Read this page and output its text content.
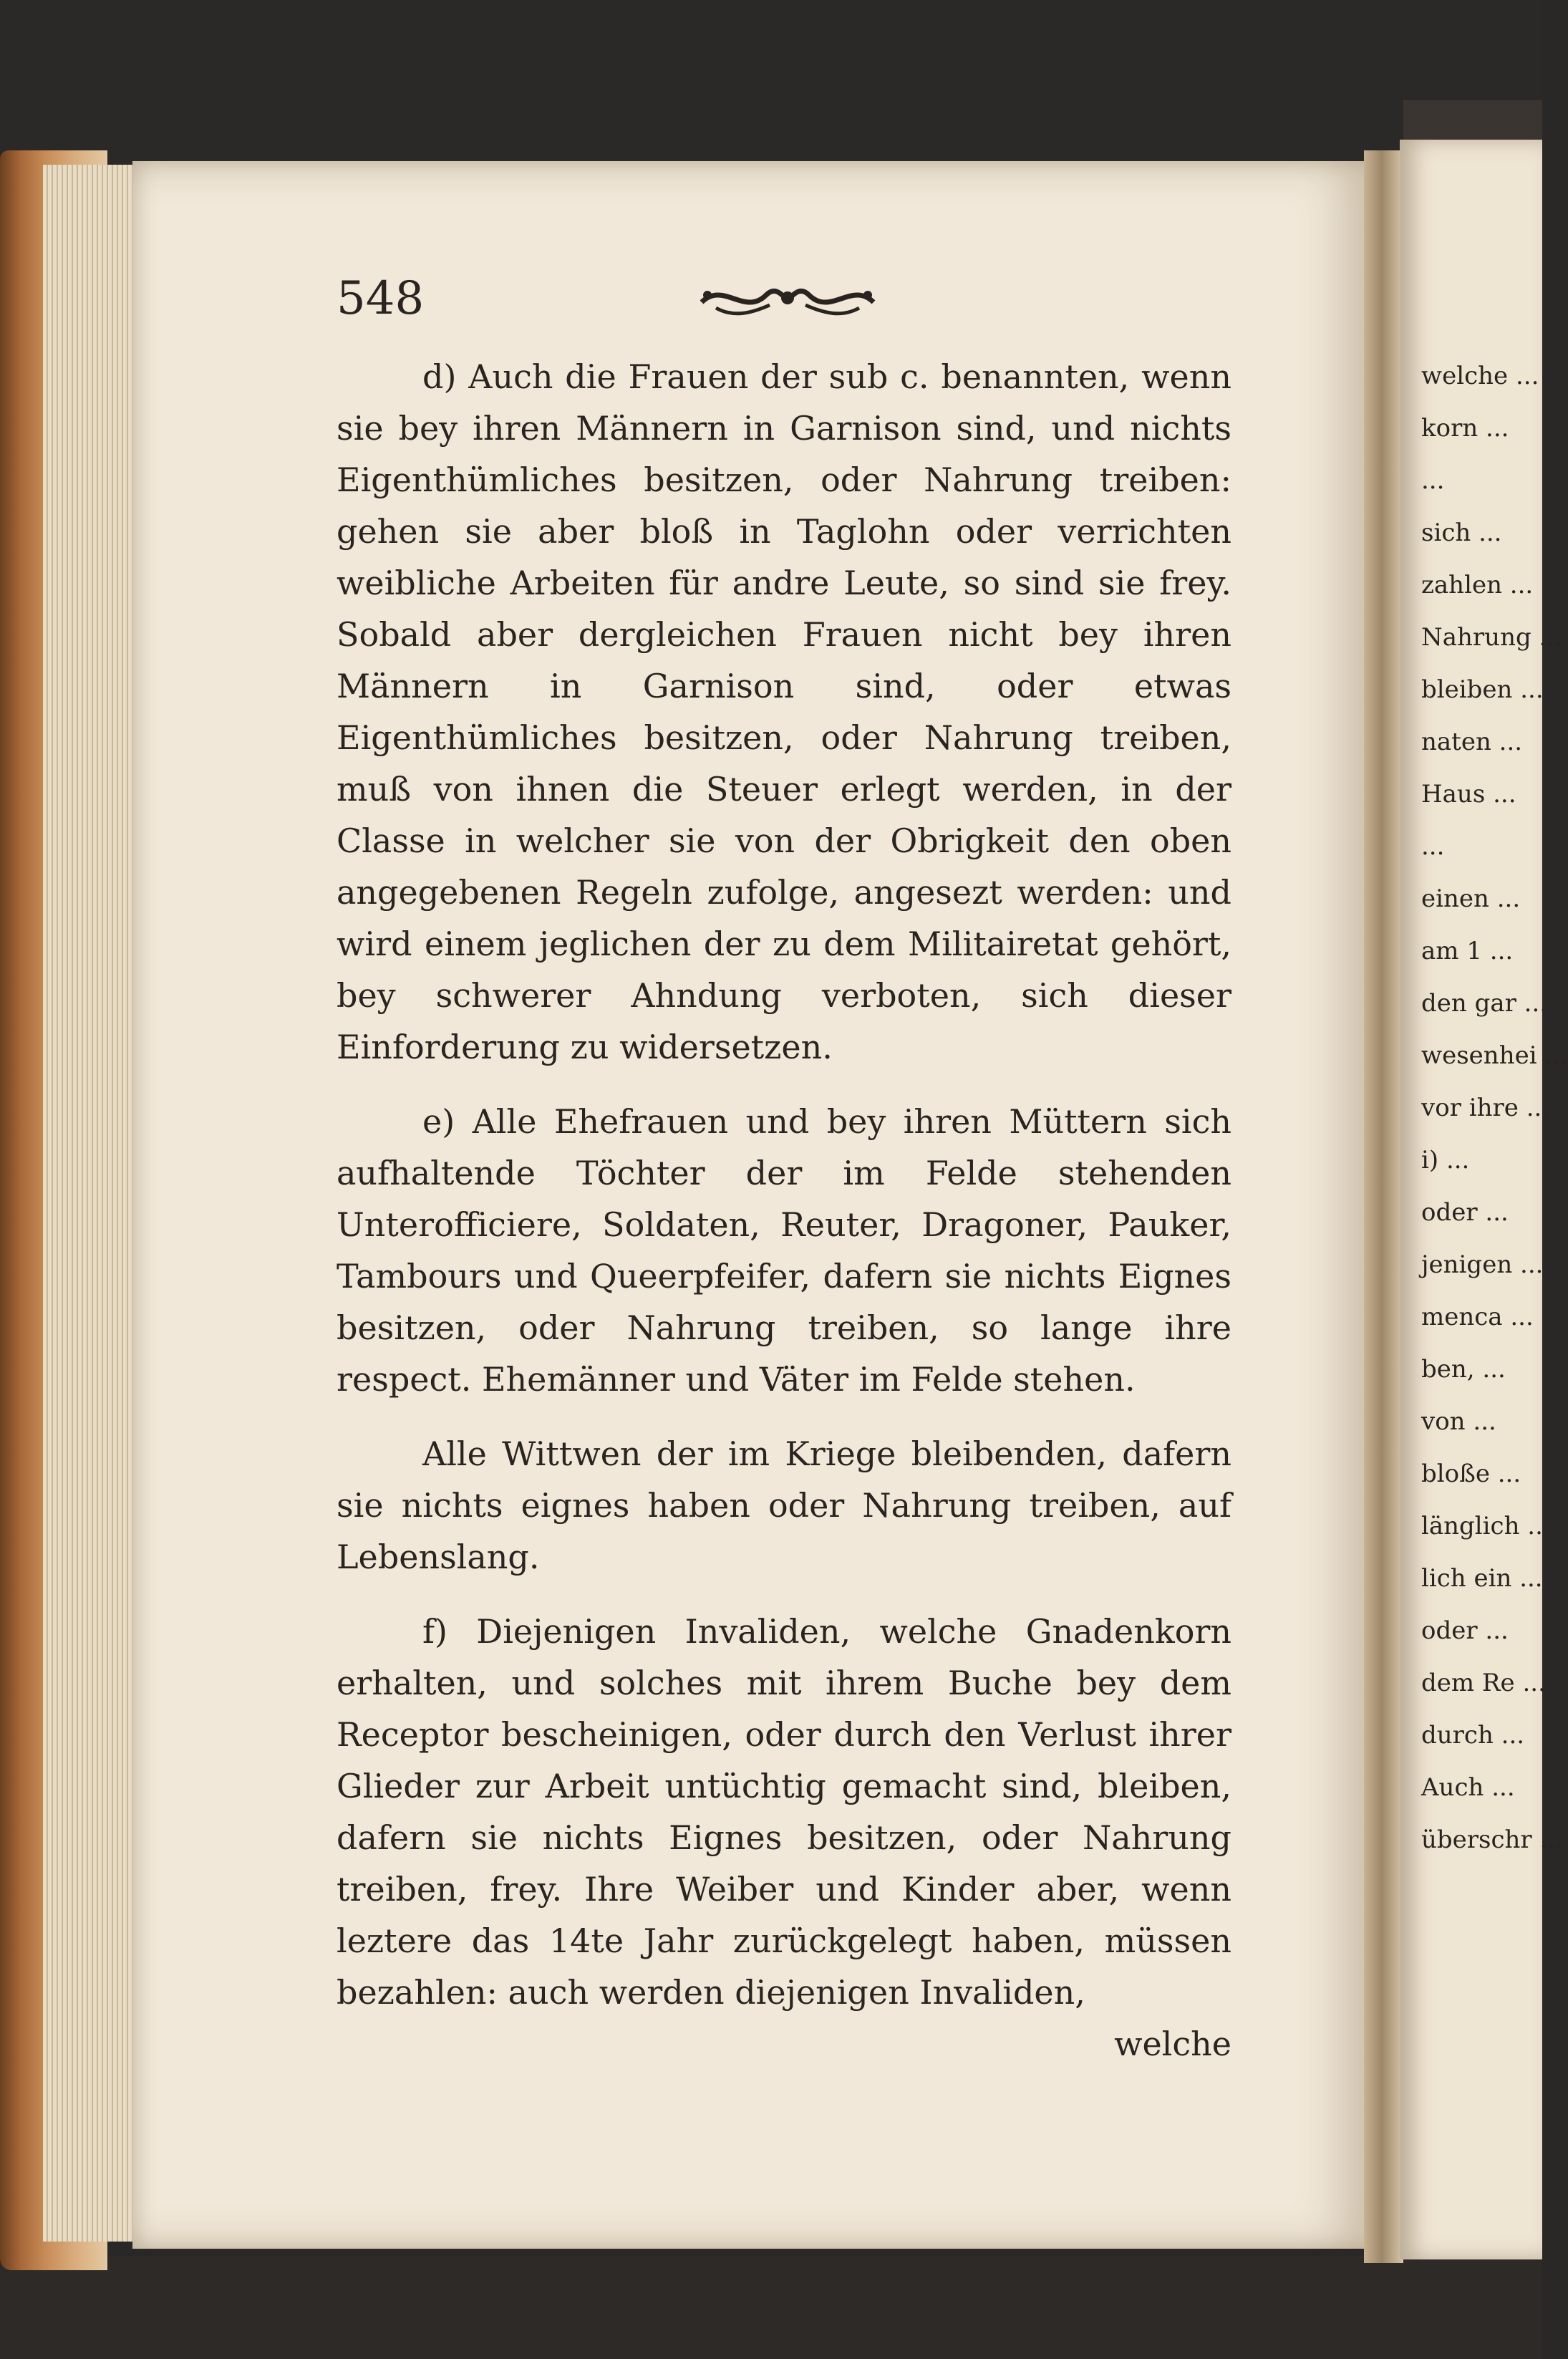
548

d) Auch die Frauen der sub c. benannten, wenn sie bey ihren Männern in Garnison sind, und nichts Eigenthümliches besitzen, oder Nahrung treiben: gehen sie aber bloß in Taglohn oder verrichten weibliche Arbeiten für andre Leute, so sind sie frey. Sobald aber dergleichen Frauen nicht bey ihren Männern in Garnison sind, oder etwas Eigenthümliches besitzen, oder Nahrung treiben, muß von ihnen die Steuer erlegt werden, in der Classe in welcher sie von der Obrigkeit den oben angegebenen Regeln zufolge, angesezt werden: und wird einem jeglichen der zu dem Militairetat gehört, bey schwerer Ahndung verboten, sich dieser Einforderung zu widersetzen.

e) Alle Ehefrauen und bey ihren Müttern sich aufhaltende Töchter der im Felde stehenden Unterofficiere, Soldaten, Reuter, Dragoner, Pauker, Tambours und Queerpfeifer, dafern sie nichts Eignes besitzen, oder Nahrung treiben, so lange ihre respect. Ehemänner und Väter im Felde stehen.

Alle Wittwen der im Kriege bleibenden, dafern sie nichts eignes haben oder Nahrung treiben, auf Lebenslang.

f) Diejenigen Invaliden, welche Gnadenkorn erhalten, und solches mit ihrem Buche bey dem Receptor bescheinigen, oder durch den Verlust ihrer Glieder zur Arbeit untüchtig gemacht sind, bleiben, dafern sie nichts Eignes besitzen, oder Nahrung treiben, frey. Ihre Weiber und Kinder aber, wenn leztere das 14te Jahr zurückgelegt haben, müssen bezahlen: auch werden diejenigen Invaliden,

welche

welche ...
korn ...
...
sich ...
zahlen ...
Nahrung ...
bleiben ...
naten ...
Haus ...
...
einen ...
am 1 ...
den gar ...
wesenhei ...
vor ihre ...
i) ...
oder ...
jenigen ...
menca ...
ben, ...
von ...
bloße ...
länglich ...
lich ein ...
oder ...
dem Re ...
durch ...
Auch ...
überschr ...
